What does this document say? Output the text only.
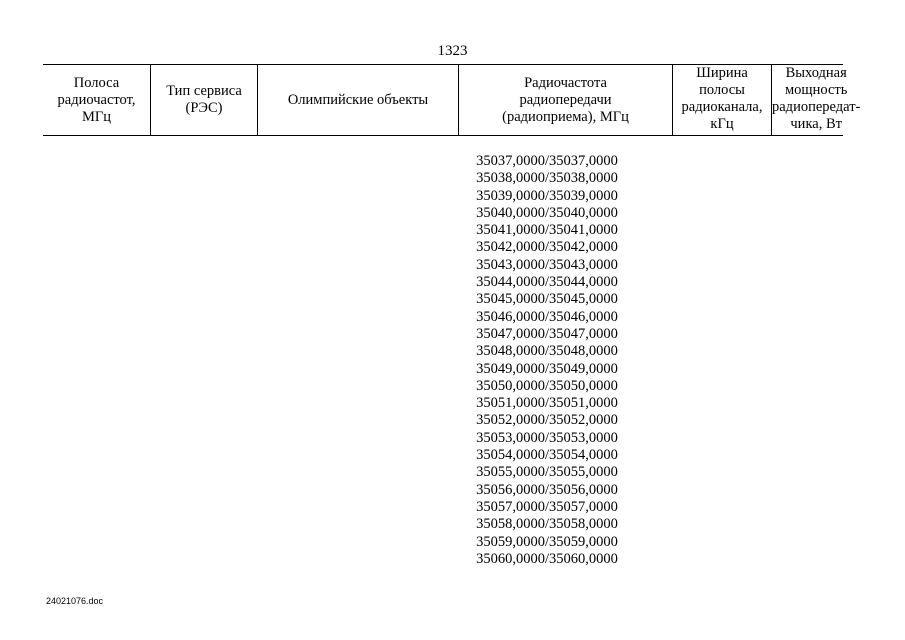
1323
Полоса
радиочастот,
МГц
Тип сервиса
(РЭС)
Олимпийские объекты
Радиочастота
радиопередачи
(радиоприема), МГц
Ширина
полосы
радиоканала,
кГц
Выходная
мощность
радиопередат-
чика, Вт
35037,0000/35037,0000
35038,0000/35038,0000
35039,0000/35039,0000
35040,0000/35040,0000
35041,0000/35041,0000
35042,0000/35042,0000
35043,0000/35043,0000
35044,0000/35044,0000
35045,0000/35045,0000
35046,0000/35046,0000
35047,0000/35047,0000
35048,0000/35048,0000
35049,0000/35049,0000
35050,0000/35050,0000
35051,0000/35051,0000
35052,0000/35052,0000
35053,0000/35053,0000
35054,0000/35054,0000
35055,0000/35055,0000
35056,0000/35056,0000
35057,0000/35057,0000
35058,0000/35058,0000
35059,0000/35059,0000
35060,0000/35060,0000
24021076.doc
